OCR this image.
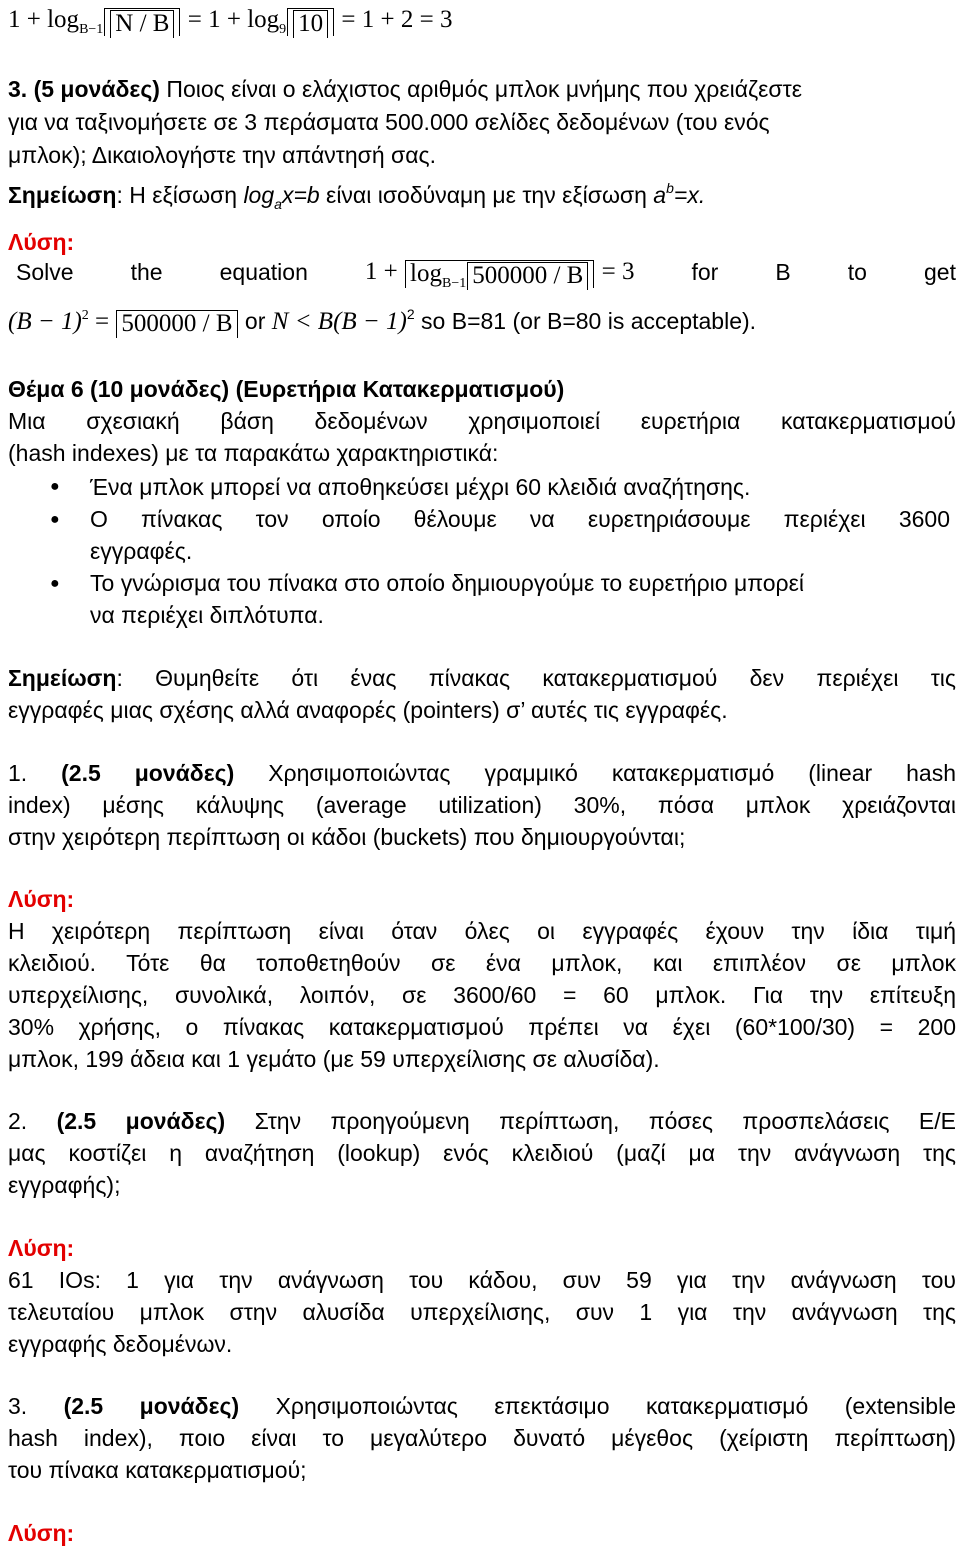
$1 + \log_{B-1} N / B = 1 + \log_9 10 = 1 + 2 = 3$
3. (5 μονάδες) Ποιος είναι ο ελάχιστος αριθμός μπλοκ μνήμης που χρειάζεστε
για να ταξινομήσετε σε 3 περάσματα 500.000 σελίδες δεδομένων (του ενός
μπλοκ); Δικαιολογήστε την απάντησή σας.
Σημείωση: Η εξίσωση $\log_ax=b$ είναι ισοδύναμη με την εξίσωση $a^b=x$.
Λύση:
Solve the equation $1 + \log_{B-1} 500000 / B = 3$ for B to get
$(B - 1)^2 = 500000 / B$ or $N < B(B - 1)^2$ so B=81 (or B=80 is acceptable).
Θέμα 6 (10 μονάδες) (Ευρετήρια Κατακερματισμού)
Μια σχεσιακή βάση δεδομένων χρησιμοποιεί ευρετήρια κατακερματισμού
(hash indexes) με τα παρακάτω χαρακτηριστικά:
● Ένα μπλοκ μπορεί να αποθηκεύσει μέχρι 60 κλειδιά αναζήτησης.
● Ο πίνακας τον οποίο θέλουμε να ευρετηριάσουμε περιέχει 3600
εγγραφές.
● Το γνώρισμα του πίνακα στο οποίο δημιουργούμε το ευρετήριο μπορεί
να περιέχει διπλότυπα.
Σημείωση: Θυμηθείτε ότι ένας πίνακας κατακερματισμού δεν περιέχει τις
εγγραφές μιας σχέσης αλλά αναφορές (pointers) σ’ αυτές τις εγγραφές.
1. (2.5 μονάδες) Χρησιμοποιώντας γραμμικό κατακερματισμό (linear hash
index) μέσης κάλυψης (average utilization) 30%, πόσα μπλοκ χρειάζονται
στην χειρότερη περίπτωση οι κάδοι (buckets) που δημιουργούνται;
Λύση:
Η χειρότερη περίπτωση είναι όταν όλες οι εγγραφές έχουν την ίδια τιμή
κλειδιού. Τότε θα τοποθετηθούν σε ένα μπλοκ, και επιπλέον σε μπλοκ
υπερχείλισης, συνολικά, λοιπόν, σε 3600/60 = 60 μπλοκ. Για την επίτευξη
30% χρήσης, ο πίνακας κατακερματισμού πρέπει να έχει (60*100/30) = 200
μπλοκ, 199 άδεια και 1 γεμάτο (με 59 υπερχείλισης σε αλυσίδα).
2. (2.5 μονάδες) Στην προηγούμενη περίπτωση, πόσες προσπελάσεις Ε/Ε
μας κοστίζει η αναζήτηση (lookup) ενός κλειδιού (μαζί μα την ανάγνωση της
εγγραφής);
Λύση:
61 IOs: 1 για την ανάγνωση του κάδου, συν 59 για την ανάγνωση του
τελευταίου μπλοκ στην αλυσίδα υπερχείλισης, συν 1 για την ανάγνωση της
εγγραφής δεδομένων.
3. (2.5 μονάδες) Χρησιμοποιώντας επεκτάσιμο κατακερματισμό (extensible
hash index), ποιο είναι το μεγαλύτερο δυνατό μέγεθος (χείριστη περίπτωση)
του πίνακα κατακερματισμού;
Λύση:
